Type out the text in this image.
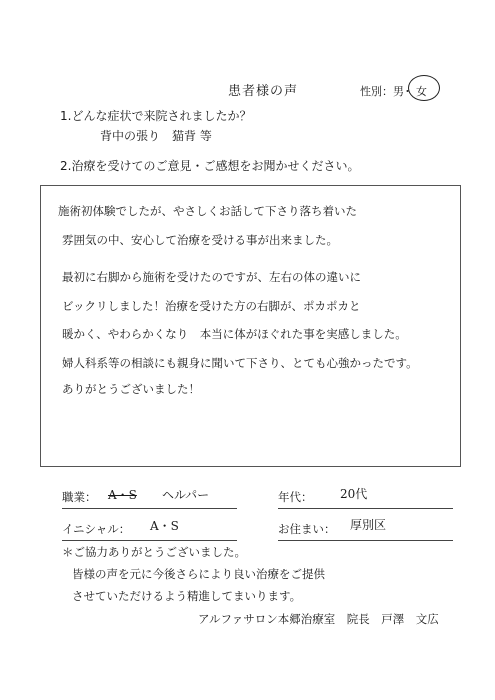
患者様の声	性別：男
・ 女
1.どんな症状で来院されましたか？
背中の張り　猫背 等
2.治療を受けてのご意見・ご感想をお聞かせください。
施術初体験でしたが、やさしくお話して下さり落ち着いた
雰囲気の中、安心して治療を受ける事が出来ました。
最初に右脚から施術を受けたのですが、左右の体の違いに
ビックリしました！治療を受けた方の右脚が、ポカポカと
暖かく、やわらかくなり　本当に体がほぐれた事を実感しました。
婦人科系等の相談にも親身に聞いて下さり、とても心強かったです。
ありがとうございました！
職業： A・S ヘルパー	年代： 20代
イニシャル： A・S	お住まい： 厚別区
＊ご協力ありがとうございました。
皆様の声を元に今後さらにより良い治療をご提供
させていただけるよう精進してまいります。
アルファサロン本郷治療室　院長　戸澤　文広
